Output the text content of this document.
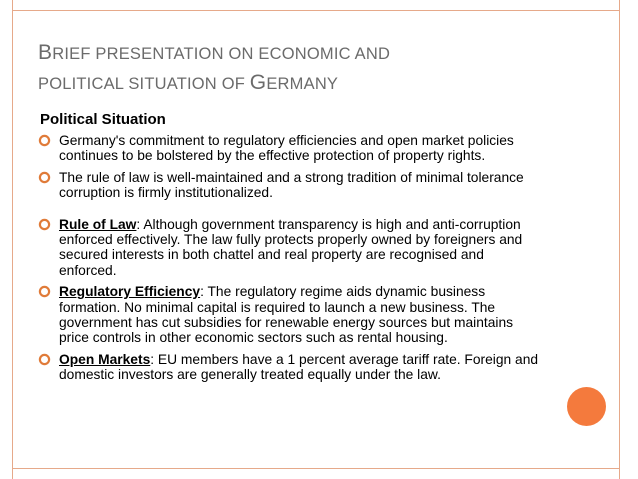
BRIEF PRESENTATION ON ECONOMIC AND
POLITICAL SITUATION OF GERMANY
Political Situation
Germany's commitment to regulatory efficiencies and open market policies continues to be bolstered by the effective protection of property rights.
The rule of law is well-maintained and a strong tradition of minimal tolerance corruption is firmly institutionalized.
Rule of Law: Although government transparency is high and anti-corruption enforced effectively. The law fully protects properly owned by foreigners and secured interests in both chattel and real property are recognised and enforced.
Regulatory Efficiency: The regulatory regime aids dynamic business formation. No minimal capital is required to launch a new business. The government has cut subsidies for renewable energy sources but maintains price controls in other economic sectors such as rental housing.
Open Markets: EU members have a 1 percent average tariff rate. Foreign and domestic investors are generally treated equally under the law.
